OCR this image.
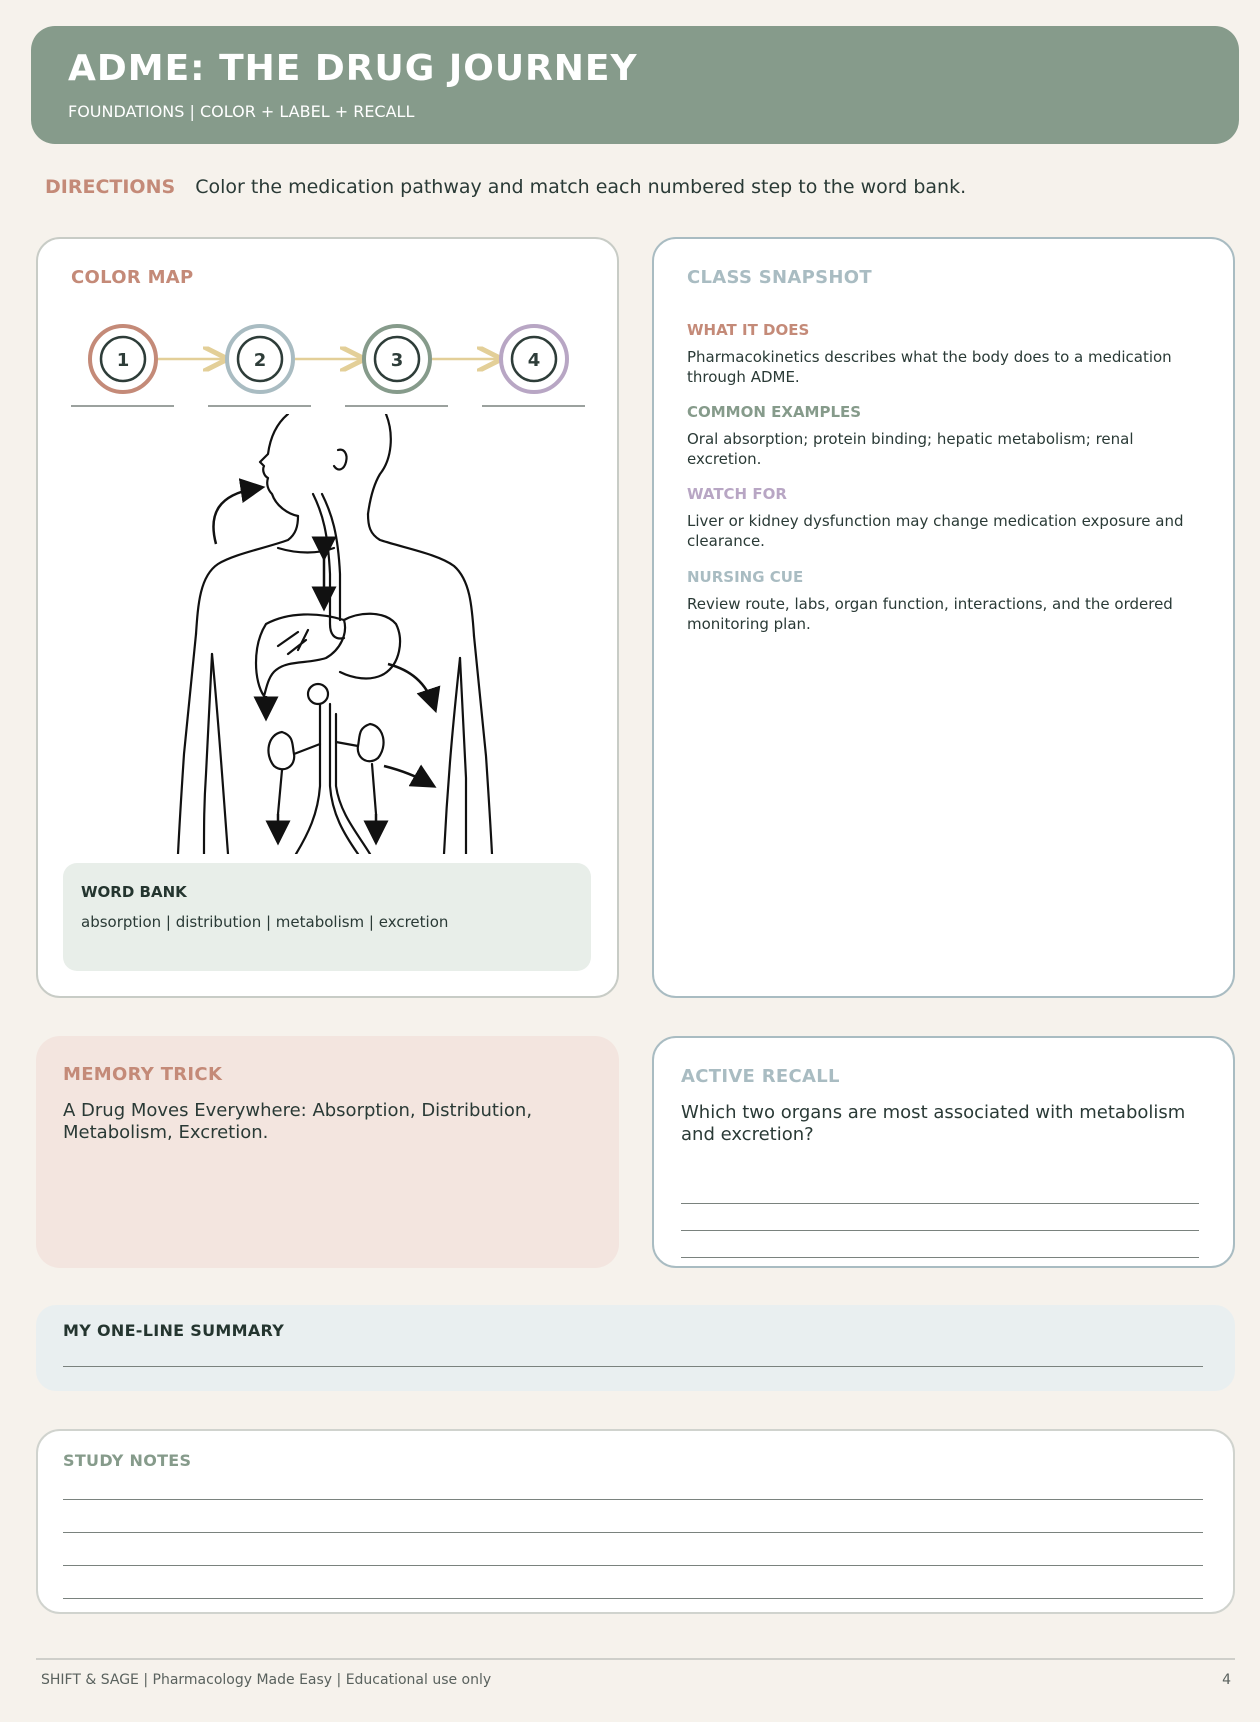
ADME: THE DRUG JOURNEY
FOUNDATIONS | COLOR + LABEL + RECALL
DIRECTIONS Color the medication pathway and match each numbered step to the word bank.
COLOR MAP
1	2	3	4
WORD BANK
absorption | distribution | metabolism | excretion
CLASS SNAPSHOT
WHAT IT DOES
Pharmacokinetics describes what the body does to a medication through ADME.
COMMON EXAMPLES
Oral absorption; protein binding; hepatic metabolism; renal excretion.
WATCH FOR
Liver or kidney dysfunction may change medication exposure and clearance.
NURSING CUE
Review route, labs, organ function, interactions, and the ordered monitoring plan.
MEMORY TRICK
A Drug Moves Everywhere: Absorption, Distribution, Metabolism, Excretion.
ACTIVE RECALL
Which two organs are most associated with metabolism and excretion?
MY ONE-LINE SUMMARY
STUDY NOTES
SHIFT & SAGE | Pharmacology Made Easy | Educational use only	4
